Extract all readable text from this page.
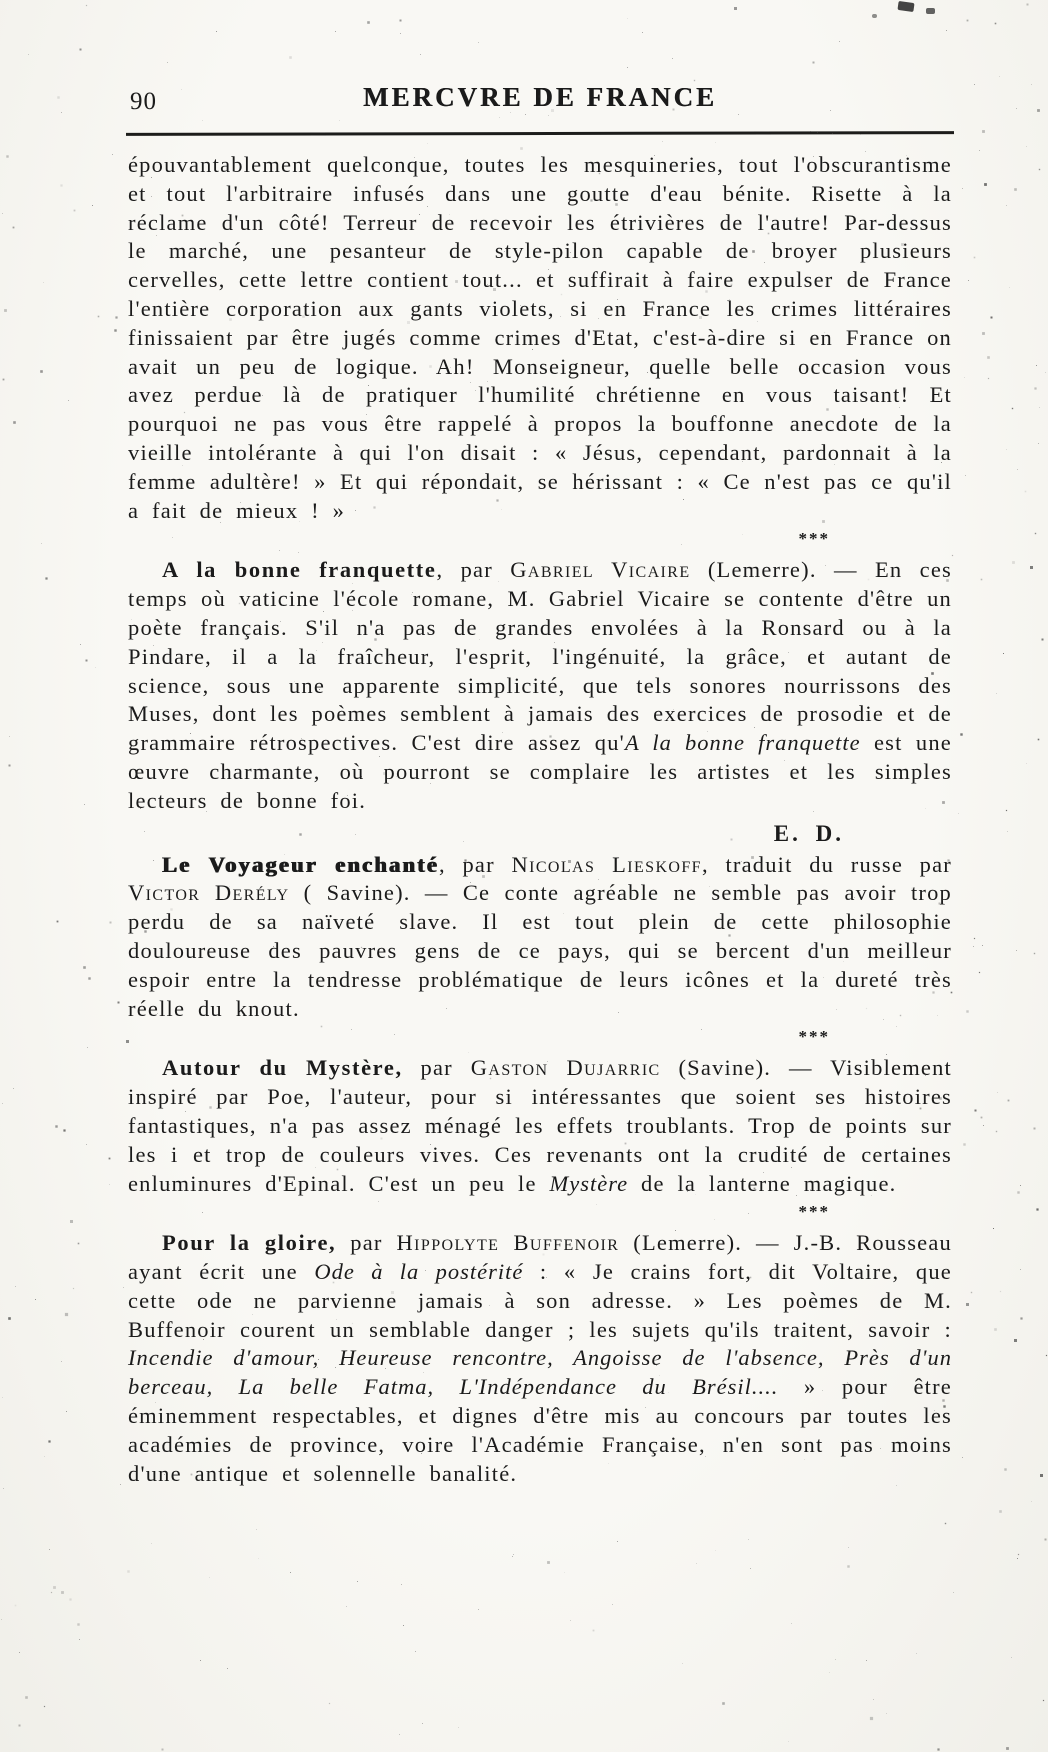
90	MERCVRE DE FRANCE

épouvantablement quelconque, toutes les mesquineries, tout l'obscurantisme et tout l'arbitraire infusés dans une goutte d'eau bénite. Risette à la réclame d'un côté! Terreur de recevoir les étrivières de l'autre! Par-dessus le marché, une pesanteur de style-pilon capable de broyer plusieurs cervelles, cette lettre contient tout... et suffirait à faire expulser de France l'entière corporation aux gants violets, si en France les crimes littéraires finissaient par être jugés comme crimes d'Etat, c'est-à-dire si en France on avait un peu de logique. Ah! Monseigneur, quelle belle occasion vous avez perdue là de pratiquer l'humilité chrétienne en vous taisant! Et pourquoi ne pas vous être rappelé à propos la bouffonne anecdote de la vieille intolérante à qui l'on disait : « Jésus, cependant, pardonnait à la femme adultère! » Et qui répondait, se hérissant : « Ce n'est pas ce qu'il a fait de mieux ! »

***

A la bonne franquette, par Gabriel Vicaire (Lemerre). — En ces temps où vaticine l'école romane, M. Gabriel Vicaire se contente d'être un poète français. S'il n'a pas de grandes envolées à la Ronsard ou à la Pindare, il a la fraîcheur, l'esprit, l'ingénuité, la grâce, et autant de science, sous une apparente simplicité, que tels sonores nourrissons des Muses, dont les poèmes semblent à jamais des exercices de prosodie et de grammaire rétrospectives. C'est dire assez qu'A la bonne franquette est une œuvre charmante, où pourront se complaire les artistes et les simples lecteurs de bonne foi.

E. D.

Le Voyageur enchanté, par Nicolas Lieskoff, traduit du russe par Victor Derély ( Savine). — Ce conte agréable ne semble pas avoir trop perdu de sa naïveté slave. Il est tout plein de cette philosophie douloureuse des pauvres gens de ce pays, qui se bercent d'un meilleur espoir entre la tendresse problématique de leurs icônes et la dureté très réelle du knout.

***

Autour du Mystère, par Gaston Dujarric (Savine). — Visiblement inspiré par Poe, l'auteur, pour si intéressantes que soient ses histoires fantastiques, n'a pas assez ménagé les effets troublants. Trop de points sur les i et trop de couleurs vives. Ces revenants ont la crudité de certaines enluminures d'Epinal. C'est un peu le Mystère de la lanterne magique.

***

Pour la gloire, par Hippolyte Buffenoir (Lemerre). — J.-B. Rousseau ayant écrit une Ode à la postérité : « Je crains fort, dit Voltaire, que cette ode ne parvienne jamais à son adresse. » Les poèmes de M. Buffenoir courent un semblable danger ; les sujets qu'ils traitent, savoir : Incendie d'amour, Heureuse rencontre, Angoisse de l'absence, Près d'un berceau, La belle Fatma, L'Indépendance du Brésil.... » pour être éminemment respectables, et dignes d'être mis au concours par toutes les académies de province, voire l'Académie Française, n'en sont pas moins d'une antique et solennelle banalité.
